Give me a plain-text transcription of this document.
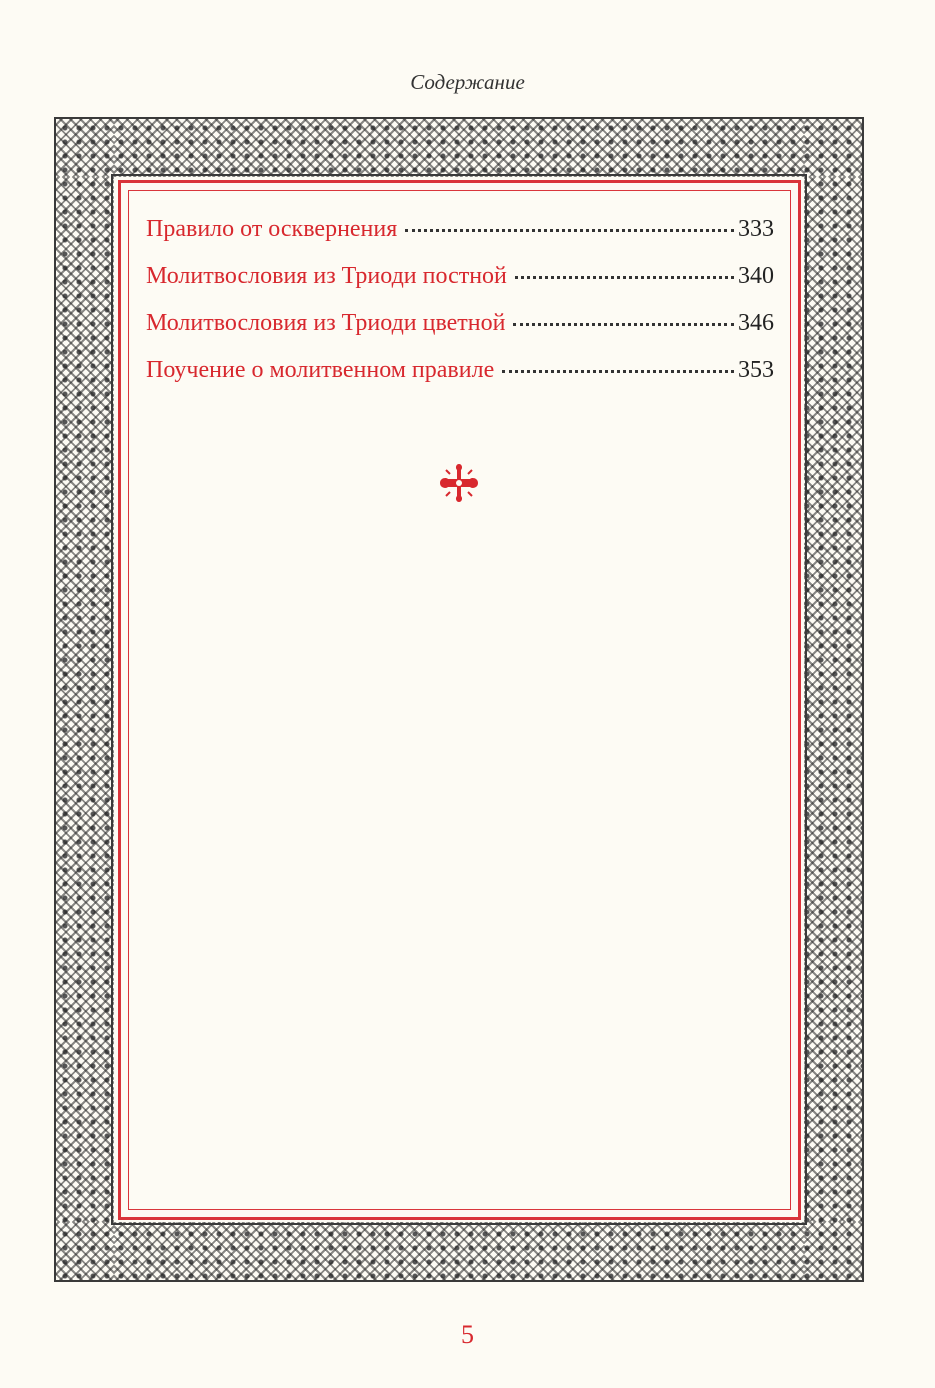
Содержание
Правило от осквернения	333
Молитвословия из Триоди постной	340
Молитвословия из Триоди цветной	346
Поучение о молитвенном правиле	353
5
